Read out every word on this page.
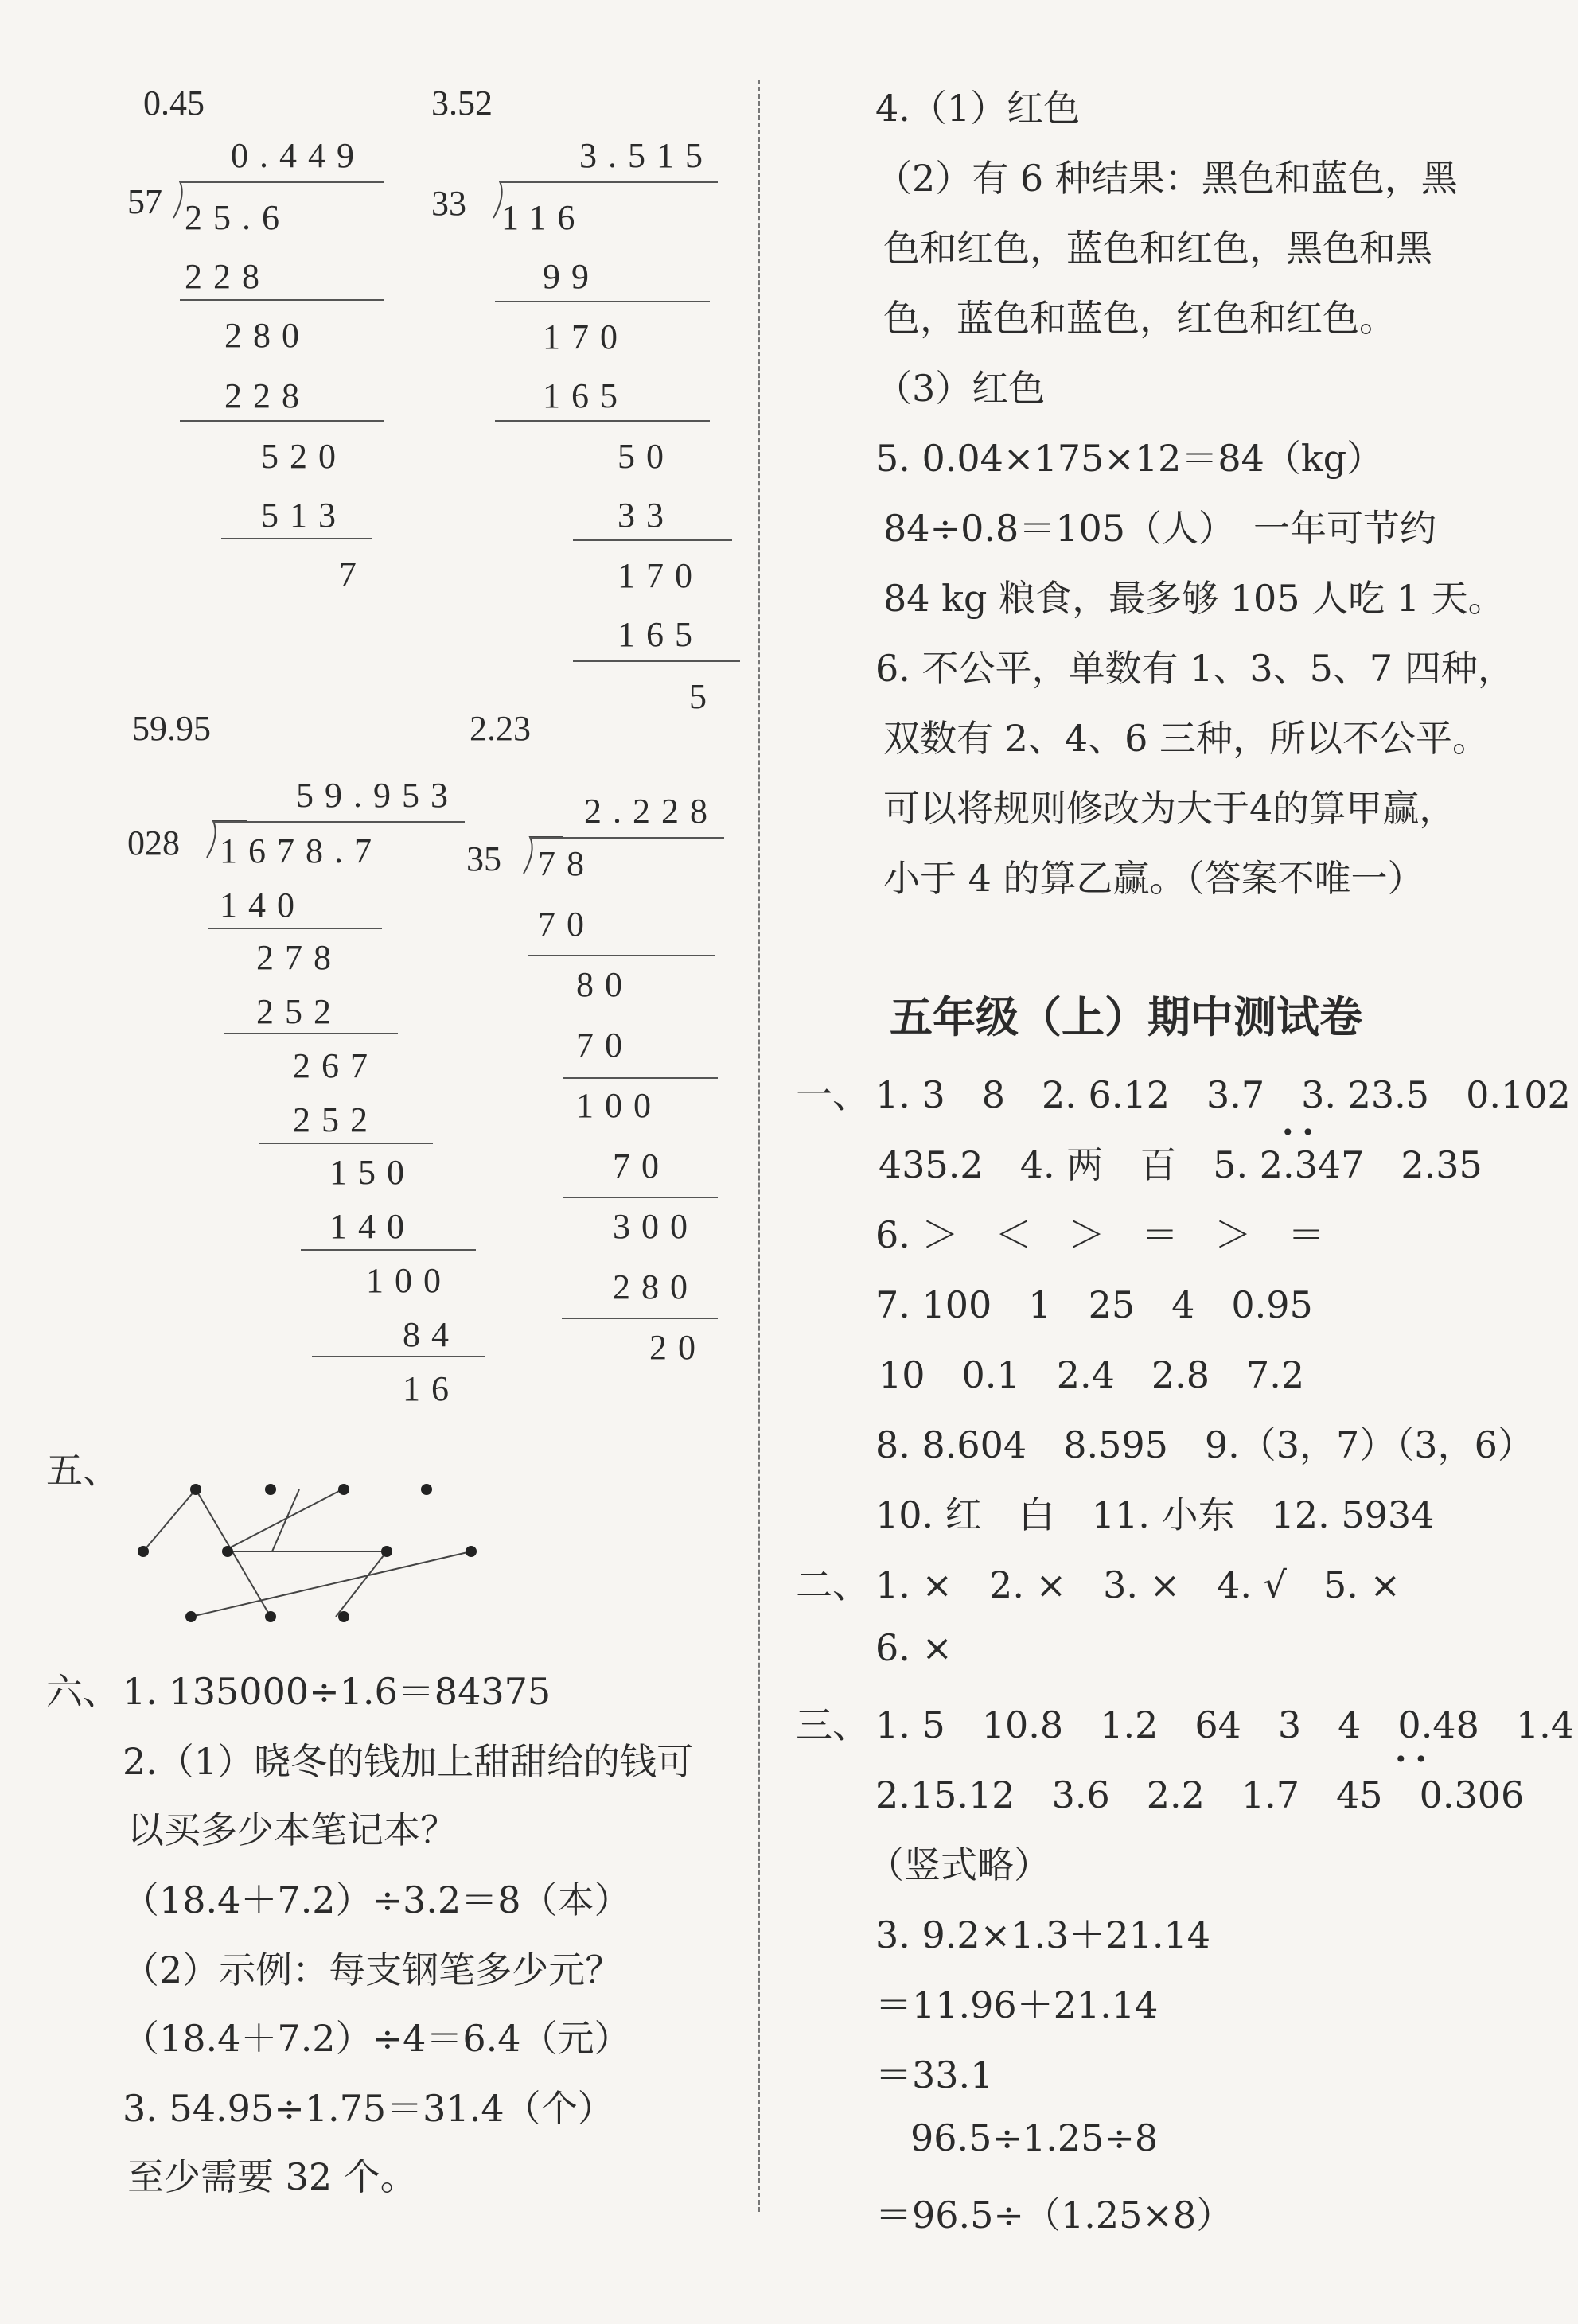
0.45
0.449
57 25.6
228
280
228
520
513
7
3.52
3.515
33 116
99
170
165
50
33
170
165
5
59.95
59.953
028 1678.7
140
278
252
267
252
150
140
100
84
16
2.23
2.228
35 78
70
80
70
100
70
300
280
20
五、
六、 1. 135000÷1.6＝84375
2.（1）晓冬的钱加上甜甜给的钱可
以买多少本笔记本？
（18.4＋7.2）÷3.2＝8（本）
（2）示例：每支钢笔多少元？
（18.4＋7.2）÷4＝6.4（元）
3. 54.95÷1.75＝31.4（个）
至少需要 32 个。
4.（1）红色
（2）有 6 种结果：黑色和蓝色，黑
色和红色，蓝色和红色，黑色和黑
色，蓝色和蓝色，红色和红色。
（3）红色
5. 0.04×175×12＝84（kg）
84÷0.8＝105（人）　一年可节约
84 kg 粮食，最多够 105 人吃 1 天。
6. 不公平，单数有 1、3、5、7 四种，
双数有 2、4、6 三种，所以不公平。
可以将规则修改为大于4的算甲赢，
小于 4 的算乙赢。（答案不唯一）
五年级（上）期中测试卷
一、 1. 3　8　2. 6.12　3.7　3. 23.5　0.102
435.2　4. 两　百　5. 2.347　2.35
• •
6. ＞　＜　＞　＝　＞　＝
7. 100　1　25　4　0.95
10　0.1　2.4　2.8　7.2
8. 8.604　8.595　9.（3，7）（3，6）
10. 红　白　11. 小东　12. 5934
二、 1. ×　2. ×　3. ×　4. √　5. ×
6. ×
三、 1. 5　10.8　1.2　64　3　4　0.48　1.4
2.15.12　3.6　2.2　1.7　45　0.306
• •
（竖式略）
3. 9.2×1.3＋21.14
＝11.96＋21.14
＝33.1
96.5÷1.25÷8
＝96.5÷（1.25×8）
